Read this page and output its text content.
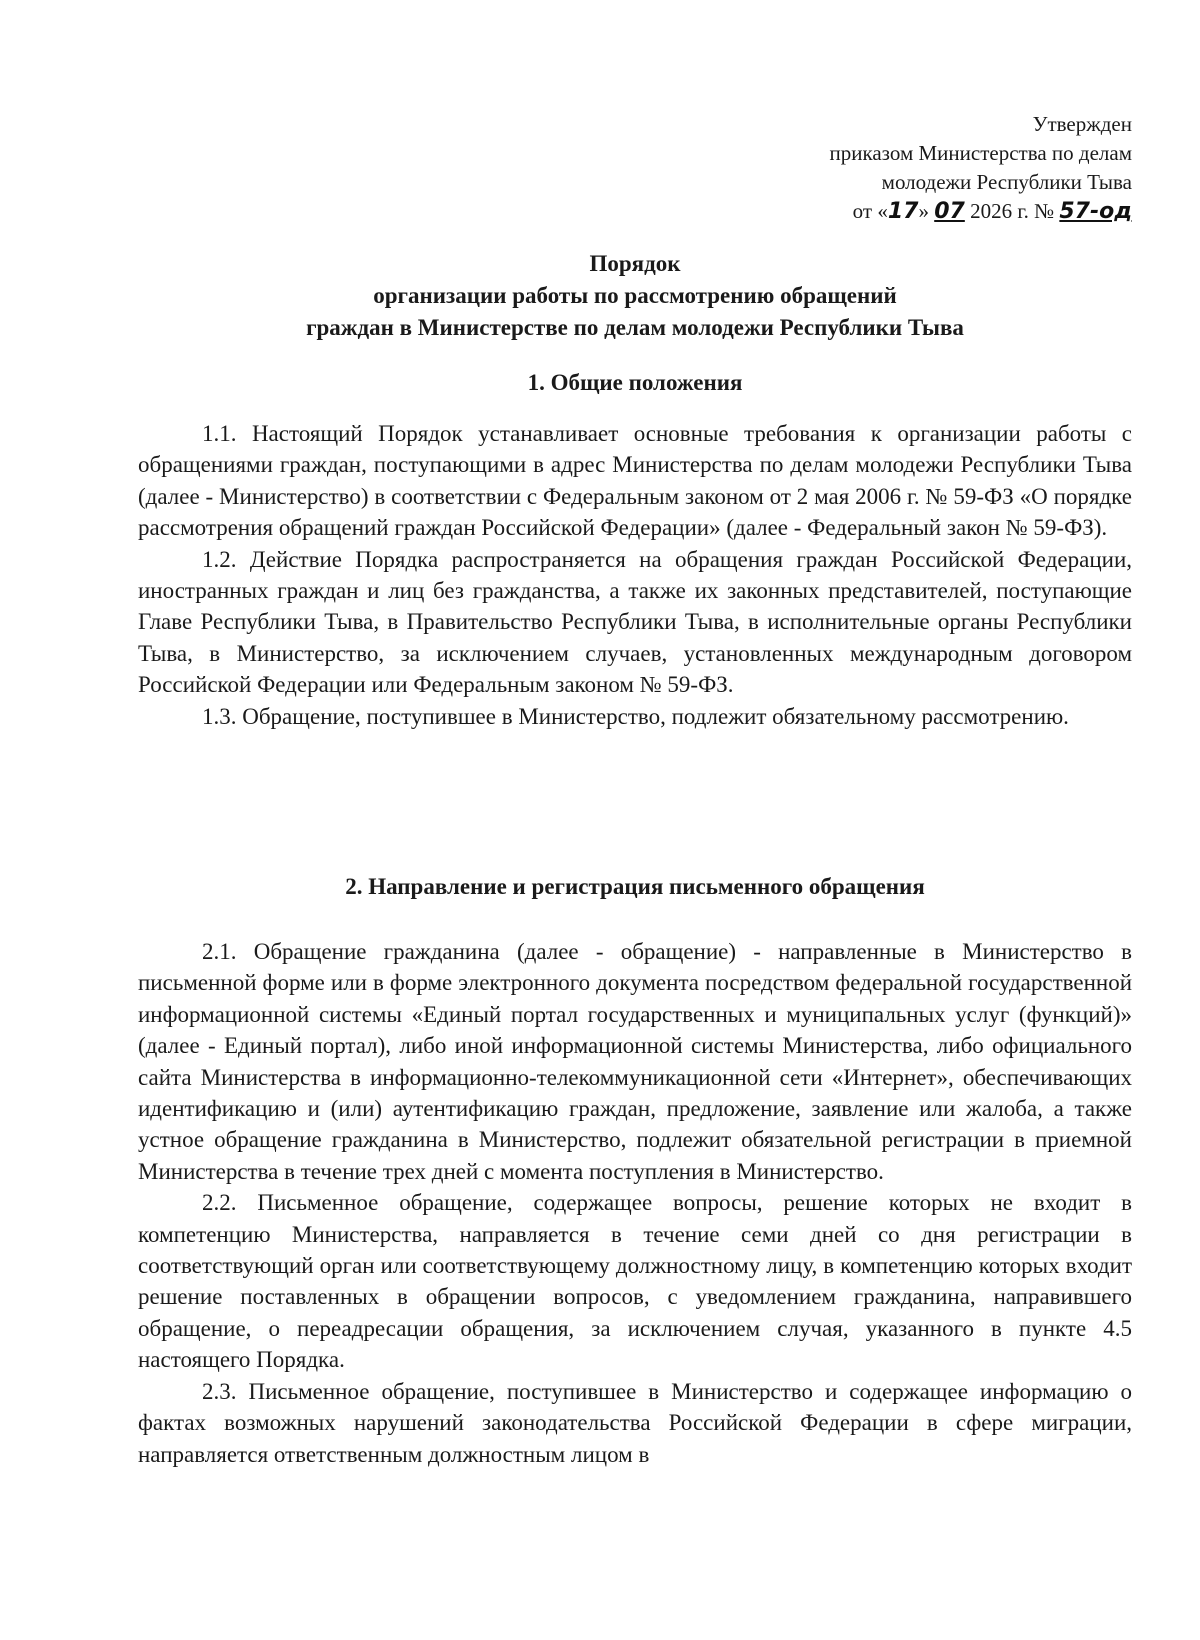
Утвержден
приказом Министерства по делам
молодежи Республики Тыва
от «17» 07 2026 г. № 57-од
Порядок
организации работы по рассмотрению обращений
граждан в Министерстве по делам молодежи Республики Тыва
1. Общие положения

1.1. Настоящий Порядок устанавливает основные требования к организации работы с обращениями граждан, поступающими в адрес Министерства по делам молодежи Республики Тыва (далее - Министерство) в соответствии с Федеральным законом от 2 мая 2006 г. № 59-ФЗ «О порядке рассмотрения обращений граждан Российской Федерации» (далее - Федеральный закон № 59-ФЗ).

1.2. Действие Порядка распространяется на обращения граждан Российской Федерации, иностранных граждан и лиц без гражданства, а также их законных представителей, поступающие Главе Республики Тыва, в Правительство Республики Тыва, в исполнительные органы Республики Тыва, в Министерство, за исключением случаев, установленных международным договором Российской Федерации или Федеральным законом № 59-ФЗ.

1.3. Обращение, поступившее в Министерство, подлежит обязательному рассмотрению.

2. Направление и регистрация письменного обращения

2.1. Обращение гражданина (далее - обращение) - направленные в Министерство в письменной форме или в форме электронного документа посредством федеральной государственной информационной системы «Единый портал государственных и муниципальных услуг (функций)» (далее - Единый портал), либо иной информационной системы Министерства, либо официального сайта Министерства в информационно-телекоммуникационной сети «Интернет», обеспечивающих идентификацию и (или) аутентификацию граждан, предложение, заявление или жалоба, а также устное обращение гражданина в Министерство, подлежит обязательной регистрации в приемной Министерства в течение трех дней с момента поступления в Министерство.

2.2. Письменное обращение, содержащее вопросы, решение которых не входит в компетенцию Министерства, направляется в течение семи дней со дня регистрации в соответствующий орган или соответствующему должностному лицу, в компетенцию которых входит решение поставленных в обращении вопросов, с уведомлением гражданина, направившего обращение, о переадресации обращения, за исключением случая, указанного в пункте 4.5 настоящего Порядка.

2.3. Письменное обращение, поступившее в Министерство и содержащее информацию о фактах возможных нарушений законодательства Российской Федерации в сфере миграции, направляется ответственным должностным лицом в
